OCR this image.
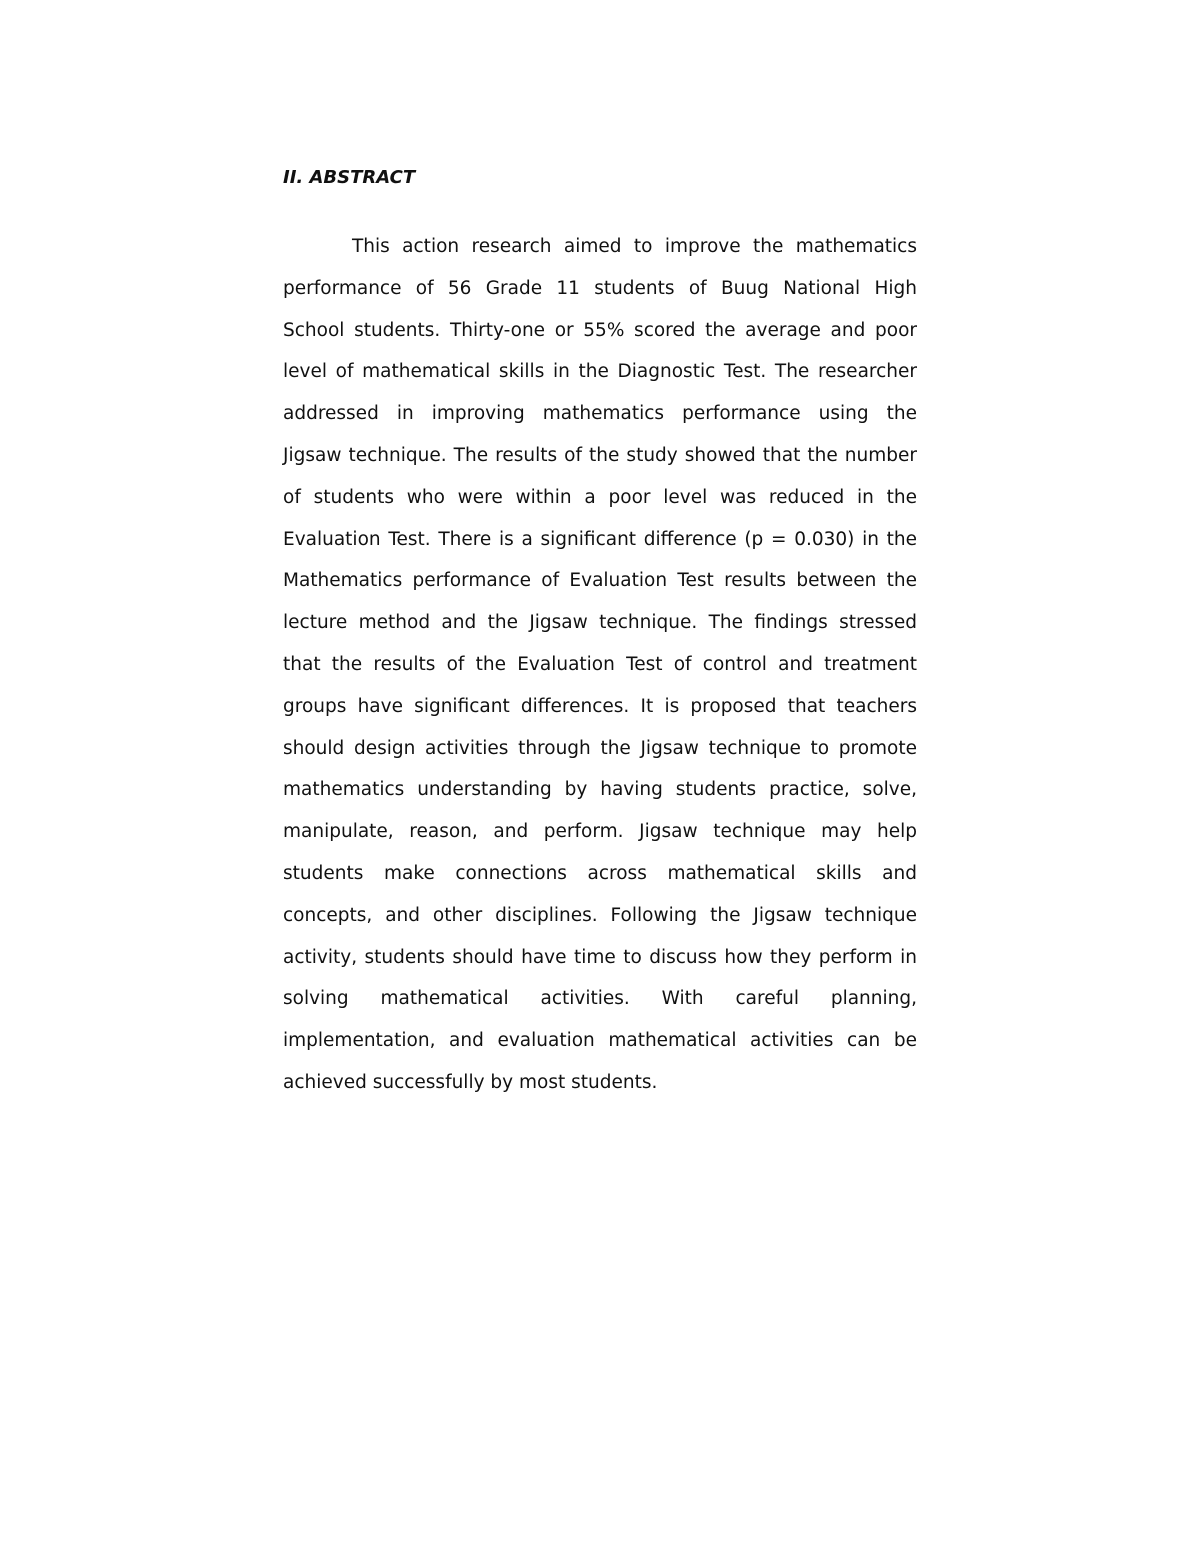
II. ABSTRACT
This action research aimed to improve the mathematics
performance of 56 Grade 11 students of Buug National High
School students. Thirty-one or 55% scored the average and poor
level of mathematical skills in the Diagnostic Test. The researcher
addressed in improving mathematics performance using the
Jigsaw technique. The results of the study showed that the number
of students who were within a poor level was reduced in the
Evaluation Test. There is a significant difference (p = 0.030) in the
Mathematics performance of Evaluation Test results between the
lecture method and the Jigsaw technique. The findings stressed
that the results of the Evaluation Test of control and treatment
groups have significant differences. It is proposed that teachers
should design activities through the Jigsaw technique to promote
mathematics understanding by having students practice, solve,
manipulate, reason, and perform. Jigsaw technique may help
students make connections across mathematical skills and
concepts, and other disciplines. Following the Jigsaw technique
activity, students should have time to discuss how they perform in
solving mathematical activities. With careful planning,
implementation, and evaluation mathematical activities can be
achieved successfully by most students.
